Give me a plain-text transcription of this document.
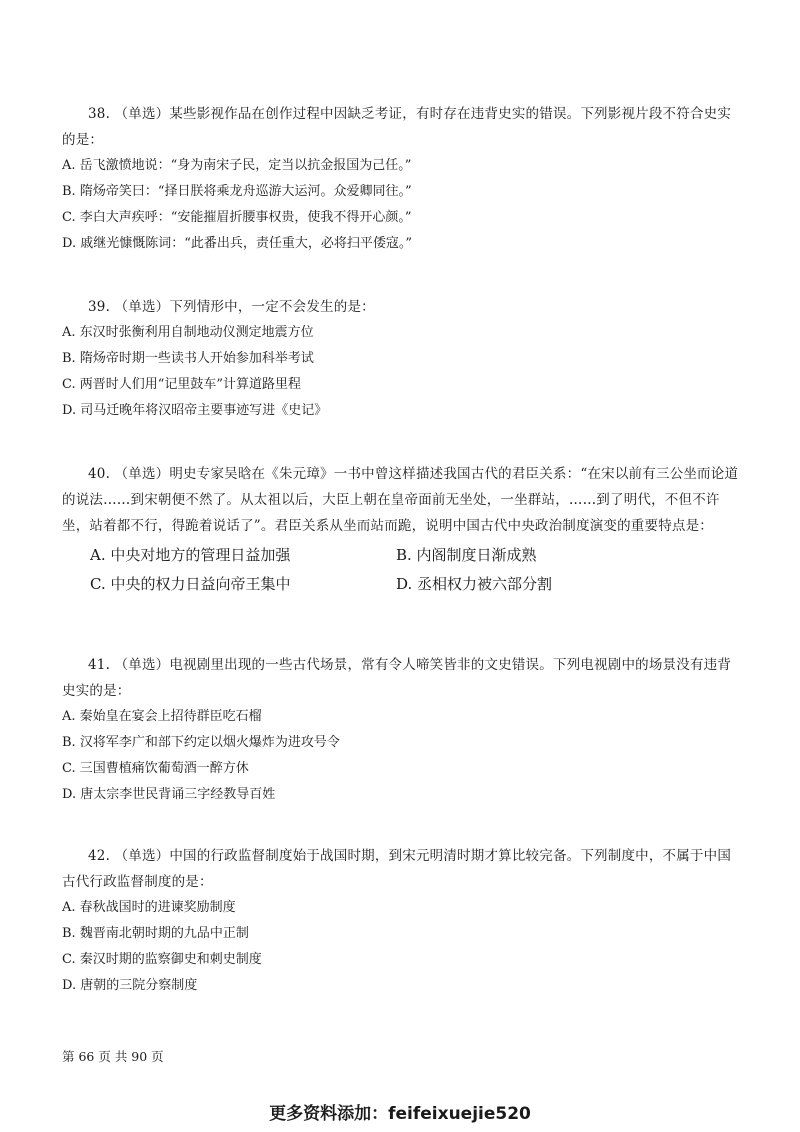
38. （单选）某些影视作品在创作过程中因缺乏考证，有时存在违背史实的错误。下列影视片段不符合史实的是：

A. 岳飞激愤地说：“身为南宋子民，定当以抗金报国为己任。”

B. 隋炀帝笑曰：“择日朕将乘龙舟巡游大运河。众爱卿同往。”

C. 李白大声疾呼：“安能摧眉折腰事权贵，使我不得开心颜。”

D. 戚继光慷慨陈词：“此番出兵，责任重大，必将扫平倭寇。”

39. （单选）下列情形中，一定不会发生的是：

A. 东汉时张衡利用自制地动仪测定地震方位

B. 隋炀帝时期一些读书人开始参加科举考试

C. 两晋时人们用“记里鼓车”计算道路里程

D. 司马迁晚年将汉昭帝主要事迹写进《史记》

40. （单选）明史专家吴晗在《朱元璋》一书中曾这样描述我国古代的君臣关系：“在宋以前有三公坐而论道的说法……到宋朝便不然了。从太祖以后，大臣上朝在皇帝面前无坐处，一坐群站，……到了明代，不但不许坐，站着都不行，得跪着说话了”。君臣关系从坐而站而跪，说明中国古代中央政治制度演变的重要特点是：

A. 中央对地方的管理日益加强	B. 内阁制度日渐成熟

C. 中央的权力日益向帝王集中	D. 丞相权力被六部分割

41. （单选）电视剧里出现的一些古代场景，常有令人啼笑皆非的文史错误。下列电视剧中的场景没有违背史实的是：

A. 秦始皇在宴会上招待群臣吃石榴

B. 汉将军李广和部下约定以烟火爆炸为进攻号令

C. 三国曹植痛饮葡萄酒一醉方休

D. 唐太宗李世民背诵三字经教导百姓

42. （单选）中国的行政监督制度始于战国时期，到宋元明清时期才算比较完备。下列制度中，不属于中国古代行政监督制度的是：

A. 春秋战国时的进谏奖励制度

B. 魏晋南北朝时期的九品中正制

C. 秦汉时期的监察御史和刺史制度

D. 唐朝的三院分察制度

第 66 页 共 90 页
更多资料添加：feifeixuejie520
